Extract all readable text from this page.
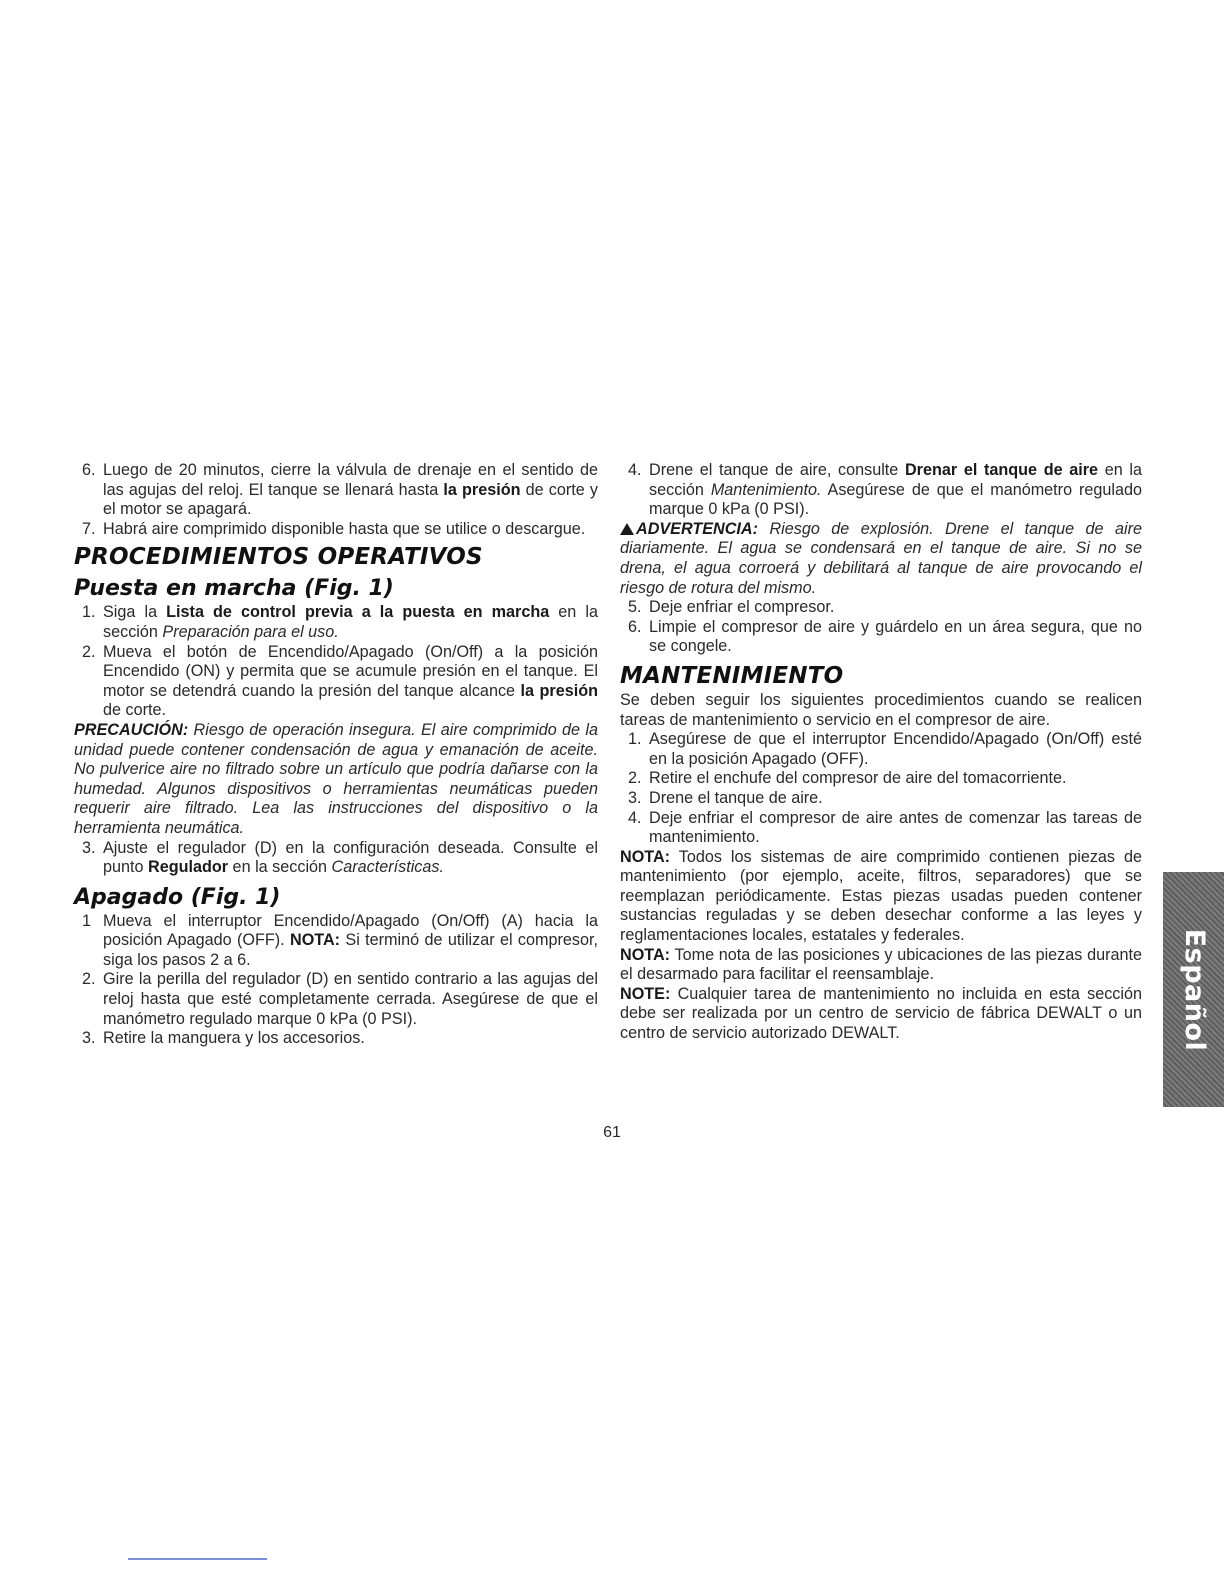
6. Luego de 20 minutos, cierre la válvula de drenaje en el sentido de las agujas del reloj. El tanque se llenará hasta la presión de corte y el motor se apagará.

7. Habrá aire comprimido disponible hasta que se utilice o descargue.

PROCEDIMIENTOS OPERATIVOS
Puesta en marcha (Fig. 1)

1. Siga la Lista de control previa a la puesta en marcha en la sección Preparación para el uso.

2. Mueva el botón de Encendido/Apagado (On/Off) a la posición Encendido (ON) y permita que se acumule presión en el tanque. El motor se detendrá cuando la presión del tanque alcance la presión de corte.

PRECAUCIÓN: Riesgo de operación insegura. El aire comprimido de la unidad puede contener condensación de agua y emanación de aceite. No pulverice aire no filtrado sobre un artículo que podría dañarse con la humedad. Algunos dispositivos o herramientas neumáticas pueden requerir aire filtrado. Lea las instrucciones del dispositivo o la herramienta neumática.

3. Ajuste el regulador (D) en la configuración deseada. Consulte el punto Regulador en la sección Características.

Apagado (Fig. 1)

1 Mueva el interruptor Encendido/Apagado (On/Off) (A) hacia la posición Apagado (OFF). NOTA: Si terminó de utilizar el compresor, siga los pasos 2 a 6.

2. Gire la perilla del regulador (D) en sentido contrario a las agujas del reloj hasta que esté completamente cerrada. Asegúrese de que el manómetro regulado marque 0 kPa (0 PSI).

3. Retire la manguera y los accesorios.

4. Drene el tanque de aire, consulte Drenar el tanque de aire en la sección Mantenimiento. Asegúrese de que el manómetro regulado marque 0 kPa (0 PSI).

ADVERTENCIA: Riesgo de explosión. Drene el tanque de aire diariamente. El agua se condensará en el tanque de aire. Si no se drena, el agua corroerá y debilitará al tanque de aire provocando el riesgo de rotura del mismo.

5. Deje enfriar el compresor.

6. Limpie el compresor de aire y guárdelo en un área segura, que no se congele.

MANTENIMIENTO

Se deben seguir los siguientes procedimientos cuando se realicen tareas de mantenimiento o servicio en el compresor de aire.

1. Asegúrese de que el interruptor Encendido/Apagado (On/Off) esté en la posición Apagado (OFF).

2. Retire el enchufe del compresor de aire del tomacorriente.

3. Drene el tanque de aire.

4. Deje enfriar el compresor de aire antes de comenzar las tareas de mantenimiento.

NOTA: Todos los sistemas de aire comprimido contienen piezas de mantenimiento (por ejemplo, aceite, filtros, separadores) que se reemplazan periódicamente. Estas piezas usadas pueden contener sustancias reguladas y se deben desechar conforme a las leyes y reglamentaciones locales, estatales y federales.

NOTA: Tome nota de las posiciones y ubicaciones de las piezas durante el desarmado para facilitar el reensamblaje.

NOTE: Cualquier tarea de mantenimiento no incluida en esta sección debe ser realizada por un centro de servicio de fábrica DEWALT o un centro de servicio autorizado DEWALT.

61
Español
